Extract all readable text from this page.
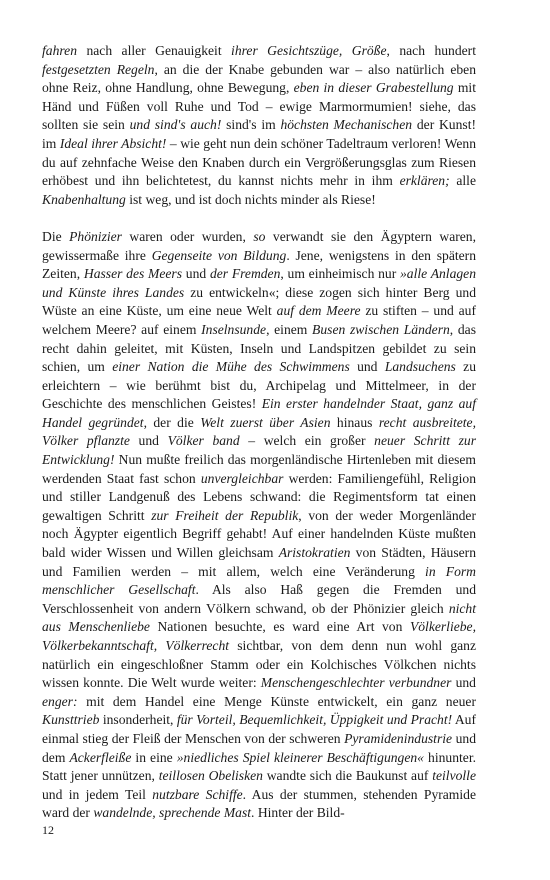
fahren nach aller Genauigkeit ihrer Gesichtszüge, Größe, nach hundert festgesetzten Regeln, an die der Knabe gebunden war – also natürlich eben ohne Reiz, ohne Handlung, ohne Bewegung, eben in dieser Grabestellung mit Händ und Füßen voll Ruhe und Tod – ewige Marmormumien! siehe, das sollten sie sein und sind's auch! sind's im höchsten Mechanischen der Kunst! im Ideal ihrer Absicht! – wie geht nun dein schöner Tadeltraum verloren! Wenn du auf zehnfache Weise den Knaben durch ein Vergrößerungsglas zum Riesen erhöbest und ihn belichtetest, du kannst nichts mehr in ihm erklären; alle Knabenhaltung ist weg, und ist doch nichts minder als Riese!

Die Phönizier waren oder wurden, so verwandt sie den Ägyptern waren, gewissermaße ihre Gegenseite von Bildung. Jene, wenigstens in den spätern Zeiten, Hasser des Meers und der Fremden, um einheimisch nur »alle Anlagen und Künste ihres Landes zu entwickeln«; diese zogen sich hinter Berg und Wüste an eine Küste, um eine neue Welt auf dem Meere zu stiften – und auf welchem Meere? auf einem Inselnsunde, einem Busen zwischen Ländern, das recht dahin geleitet, mit Küsten, Inseln und Landspitzen gebildet zu sein schien, um einer Nation die Mühe des Schwimmens und Landsuchens zu erleichtern – wie berühmt bist du, Archipelag und Mittelmeer, in der Geschichte des menschlichen Geistes! Ein erster handelnder Staat, ganz auf Handel gegründet, der die Welt zuerst über Asien hinaus recht ausbreitete, Völker pflanzte und Völker band – welch ein großer neuer Schritt zur Entwicklung! Nun mußte freilich das morgenländische Hirtenleben mit diesem werdenden Staat fast schon unvergleichbar werden: Familiengefühl, Religion und stiller Landgenuß des Lebens schwand: die Regimentsform tat einen gewaltigen Schritt zur Freiheit der Republik, von der weder Morgenländer noch Ägypter eigentlich Begriff gehabt! Auf einer handelnden Küste mußten bald wider Wissen und Willen gleichsam Aristokratien von Städten, Häusern und Familien werden – mit allem, welch eine Veränderung in Form menschlicher Gesellschaft. Als also Haß gegen die Fremden und Verschlossenheit von andern Völkern schwand, ob der Phönizier gleich nicht aus Menschenliebe Nationen besuchte, es ward eine Art von Völkerliebe, Völkerbekanntschaft, Völkerrecht sichtbar, von dem denn nun wohl ganz natürlich ein eingeschloßner Stamm oder ein Kolchisches Völkchen nichts wissen konnte. Die Welt wurde weiter: Menschengeschlechter verbundner und enger: mit dem Handel eine Menge Künste entwickelt, ein ganz neuer Kunsttrieb insonderheit, für Vorteil, Bequemlichkeit, Üppigkeit und Pracht! Auf einmal stieg der Fleiß der Menschen von der schweren Pyramidenindustrie und dem Ackerfleiße in eine »niedliches Spiel kleinerer Beschäftigungen« hinunter. Statt jener unnützen, teillosen Obelisken wandte sich die Baukunst auf teilvolle und in jedem Teil nutzbare Schiffe. Aus der stummen, stehenden Pyramide ward der wandelnde, sprechende Mast. Hinter der Bild-

12
